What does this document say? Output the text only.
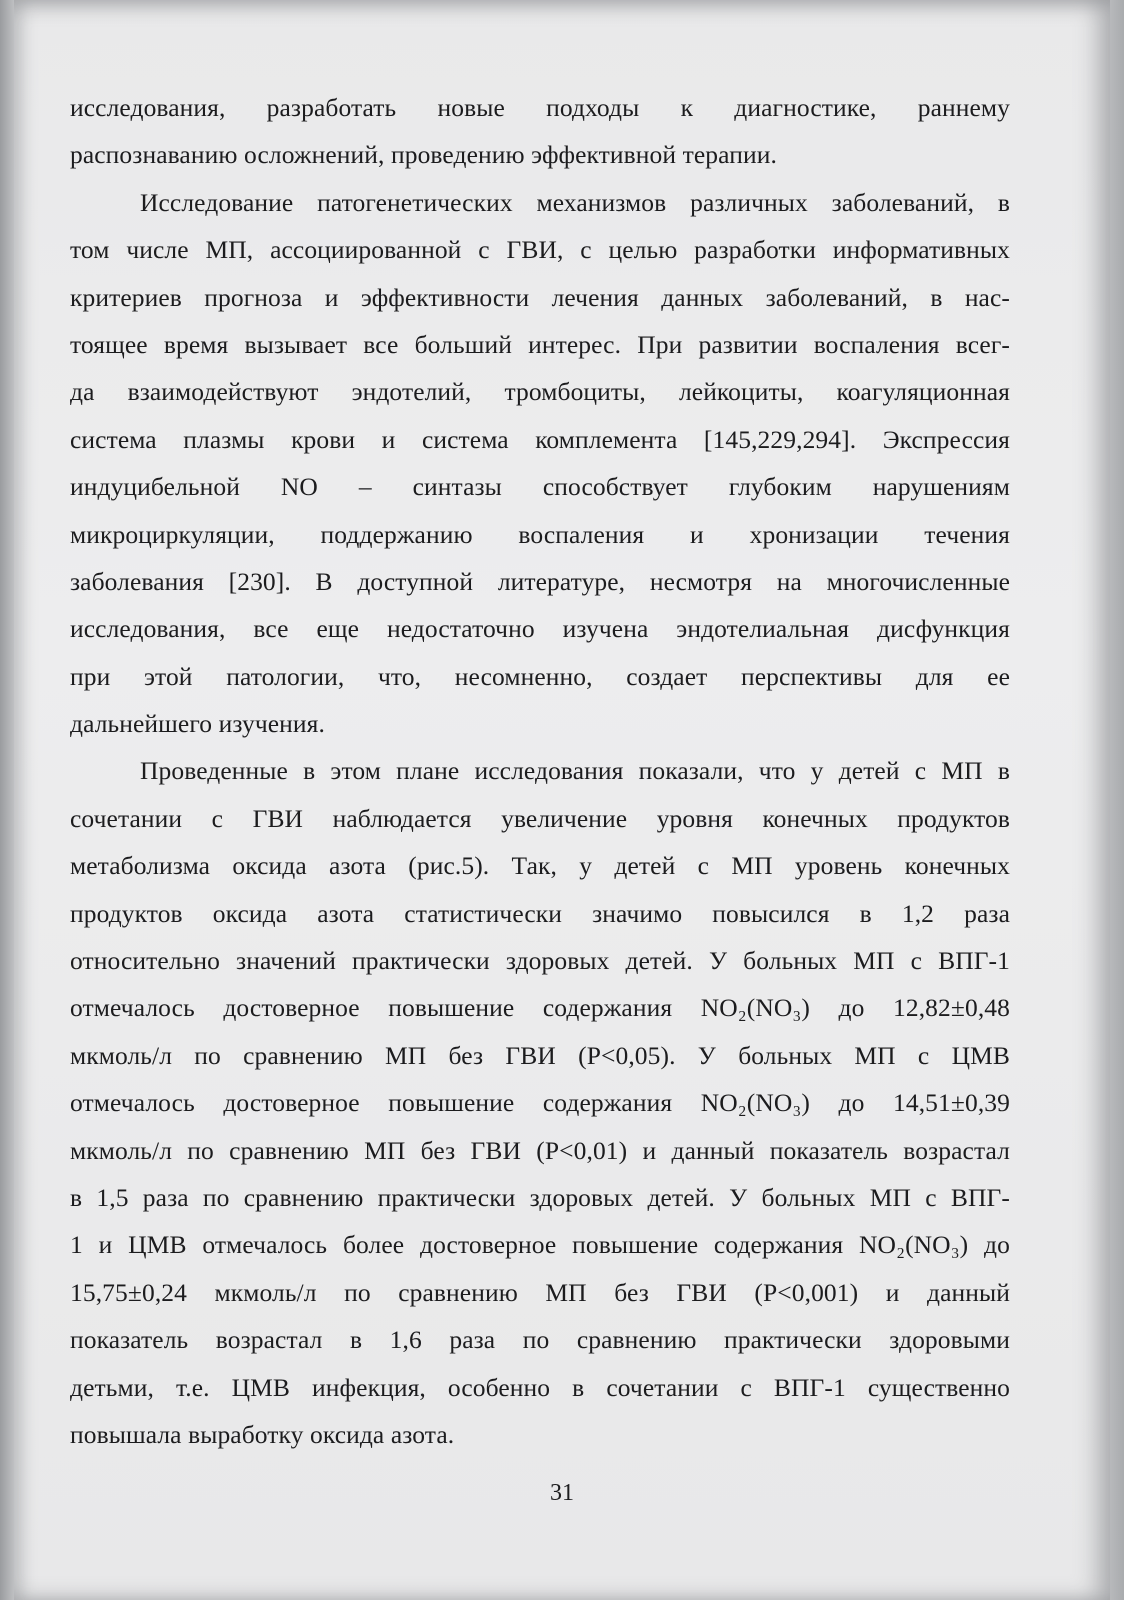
исследования, разработать новые подходы к диагностике, раннему
распознаванию осложнений, проведению эффективной терапии.
Исследование патогенетических механизмов различных заболеваний, в
том числе МП, ассоциированной с ГВИ, с целью разработки информативных
критериев прогноза и эффективности лечения данных заболеваний, в нас-
тоящее время вызывает все больший интерес. При развитии воспаления всег-
да взаимодействуют эндотелий, тромбоциты, лейкоциты, коагуляционная
система плазмы крови и система комплемента [145,229,294]. Экспрессия
индуцибельной NO – синтазы способствует глубоким нарушениям
микроциркуляции, поддержанию воспаления и хронизации течения
заболевания [230]. В доступной литературе, несмотря на многочисленные
исследования, все еще недостаточно изучена эндотелиальная дисфункция
при этой патологии, что, несомненно, создает перспективы для ее
дальнейшего изучения.
Проведенные в этом плане исследования показали, что у детей с МП в
сочетании с ГВИ наблюдается увеличение уровня конечных продуктов
метаболизма оксида азота (рис.5). Так, у детей с МП уровень конечных
продуктов оксида азота статистически значимо повысился в 1,2 раза
относительно значений практически здоровых детей. У больных МП с ВПГ-1
отмечалось достоверное повышение содержания NO₂(NO₃) до 12,82±0,48
мкмоль/л по сравнению МП без ГВИ (Р<0,05). У больных МП с ЦМВ
отмечалось достоверное повышение содержания NO₂(NO₃) до 14,51±0,39
мкмоль/л по сравнению МП без ГВИ (Р<0,01) и данный показатель возрастал
в 1,5 раза по сравнению практически здоровых детей. У больных МП с ВПГ-
1 и ЦМВ отмечалось более достоверное повышение содержания NO₂(NO₃) до
15,75±0,24 мкмоль/л по сравнению МП без ГВИ (Р<0,001) и данный
показатель возрастал в 1,6 раза по сравнению практически здоровыми
детьми, т.е. ЦМВ инфекция, особенно в сочетании с ВПГ-1 существенно
повышала выработку оксида азота.
31
